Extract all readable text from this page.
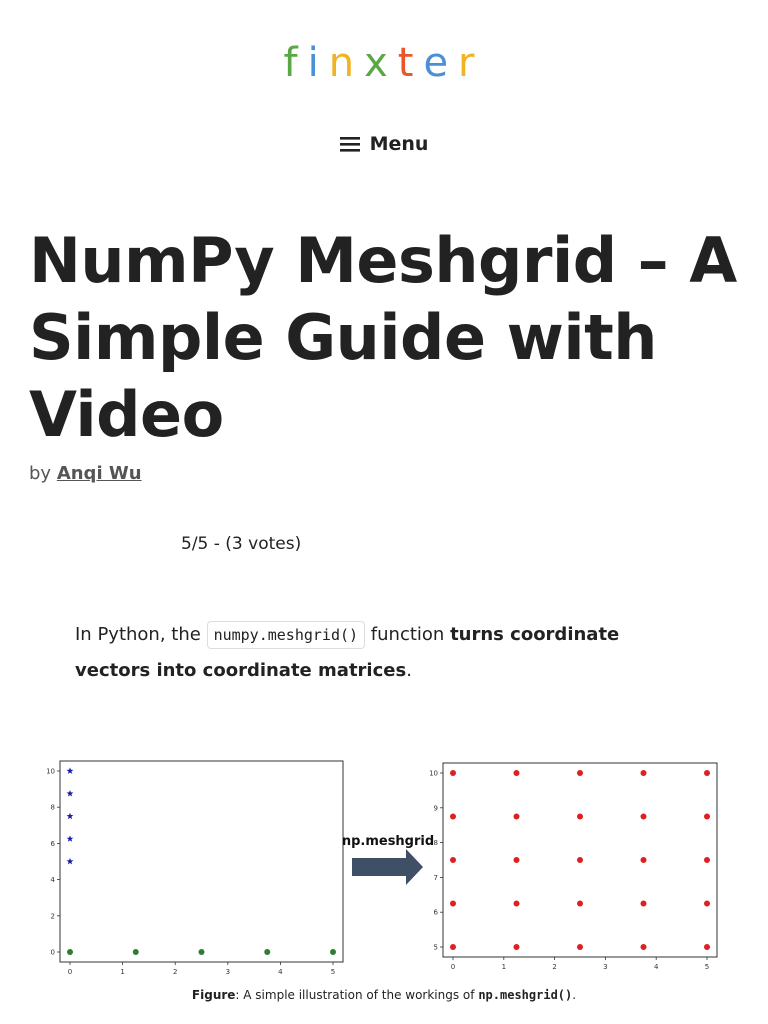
finxter
Menu
NumPy Meshgrid – A Simple Guide with Video
by Anqi Wu
5/5 - (3 votes)
In Python, the numpy.meshgrid() function turns coordinate vectors into coordinate matrices.
0	1	2	3	4	5
0
2
4
6
8
10
0	1	2	3	4	5
5
6
7
8
9
10
np.meshgrid
Figure: A simple illustration of the workings of np.meshgrid().
